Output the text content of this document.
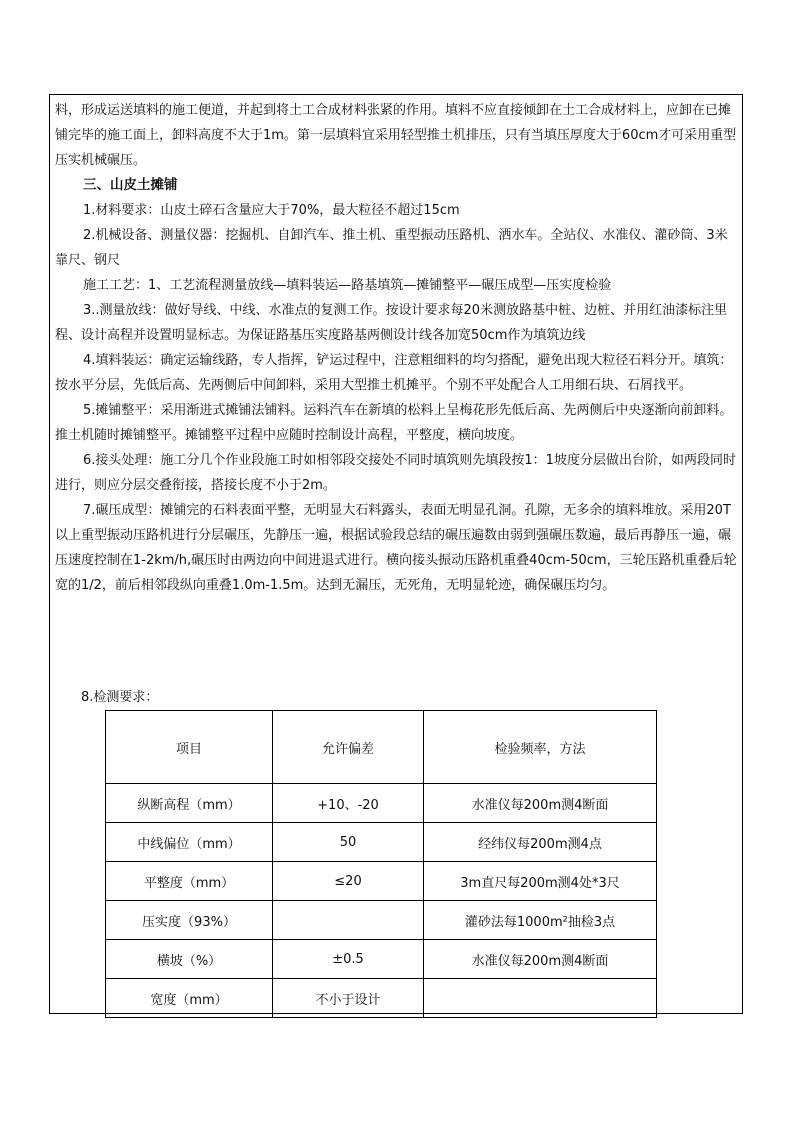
料，形成运送填料的施工便道，并起到将土工合成材料张紧的作用。填料不应直接倾卸在土工合成材料上，应卸在已摊铺完毕的施工面上，卸料高度不大于1m。第一层填料宜采用轻型推土机排压，只有当填压厚度大于60cm才可采用重型压实机械碾压。

三、山皮土摊铺

1.材料要求：山皮土碎石含量应大于70%，最大粒径不超过15cm

2.机械设备、测量仪器：挖掘机、自卸汽车、推土机、重型振动压路机、洒水车。全站仪、水准仪、灌砂筒、3米靠尺、钢尺

施工工艺：1、工艺流程测量放线—填料装运—路基填筑—摊铺整平—碾压成型—压实度检验

3..测量放线：做好导线、中线、水准点的复测工作。按设计要求每20米测放路基中桩、边桩、并用红油漆标注里程、设计高程并设置明显标志。为保证路基压实度路基两侧设计线各加宽50cm作为填筑边线

4.填料装运：确定运输线路，专人指挥，铲运过程中，注意粗细料的均匀搭配，避免出现大粒径石料分开。填筑：按水平分层，先低后高、先两侧后中间卸料，采用大型推土机摊平。个别不平处配合人工用细石块、石屑找平。

5.摊铺整平：采用渐进式摊铺法铺料。运料汽车在新填的松料上呈梅花形先低后高、先两侧后中央逐渐向前卸料。推土机随时摊铺整平。摊铺整平过程中应随时控制设计高程，平整度，横向坡度。

6.接头处理：施工分几个作业段施工时如相邻段交接处不同时填筑则先填段按1：1坡度分层做出台阶，如两段同时进行，则应分层交叠衔接，搭接长度不小于2m。

7.碾压成型：摊铺完的石料表面平整，无明显大石料露头，表面无明显孔洞。孔隙，无多余的填料堆放。采用20T以上重型振动压路机进行分层碾压，先静压一遍，根据试验段总结的碾压遍数由弱到强碾压数遍，最后再静压一遍，碾压速度控制在1-2km/h,碾压时由两边向中间进退式进行。横向接头振动压路机重叠40cm-50cm，三轮压路机重叠后轮宽的1/2，前后相邻段纵向重叠1.0m-1.5m。达到无漏压，无死角，无明显轮迹，确保碾压均匀。

8.检测要求：
项目	允许偏差	检验频率，方法
纵断高程（mm）	+10、-20	水准仪每200m测4断面
中线偏位（mm）	50	经纬仪每200m测4点
平整度（mm）	≤20	3m直尺每200m测4处*3尺
压实度（93%）		灌砂法每1000m²抽检3点
横坡（%）	±0.5	水准仪每200m测4断面
宽度（mm）	不小于设计	
